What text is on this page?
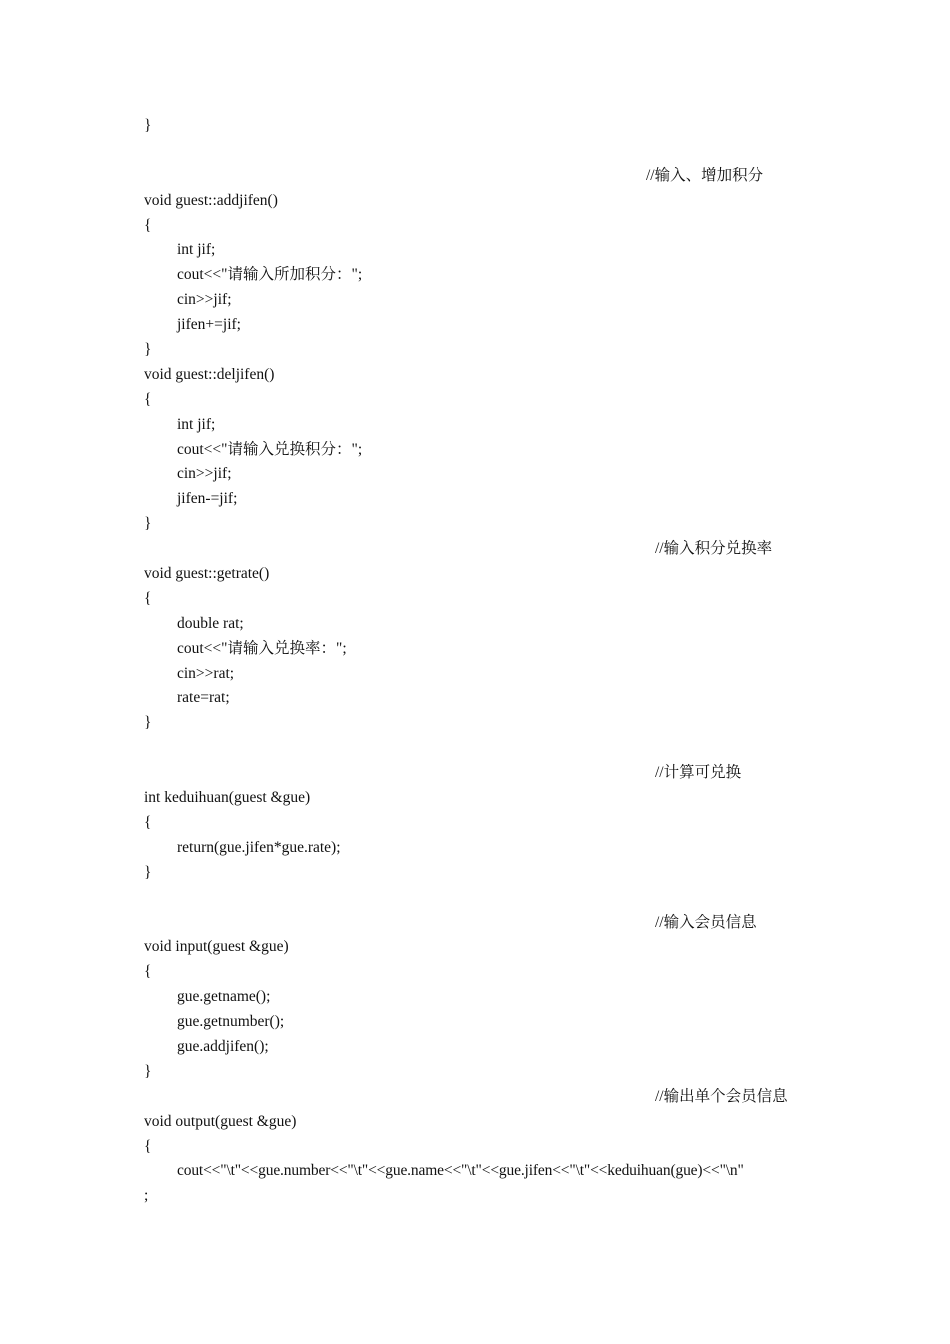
}
//输入、增加积分
void guest::addjifen()
{
int jif;
cout<<"请输入所加积分：";
cin>>jif;
jifen+=jif;
}
void guest::deljifen()
{
int jif;
cout<<"请输入兑换积分：";
cin>>jif;
jifen-=jif;
}
//输入积分兑换率
void guest::getrate()
{
double rat;
cout<<"请输入兑换率：";
cin>>rat;
rate=rat;
}
//计算可兑换
int keduihuan(guest &gue)
{
return(gue.jifen*gue.rate);
}
//输入会员信息
void input(guest &gue)
{
gue.getname();
gue.getnumber();
gue.addjifen();
}
//输出单个会员信息
void output(guest &gue)
{
cout<<"\t"<<gue.number<<"\t"<<gue.name<<"\t"<<gue.jifen<<"\t"<<keduihuan(gue)<<"\n"
;
